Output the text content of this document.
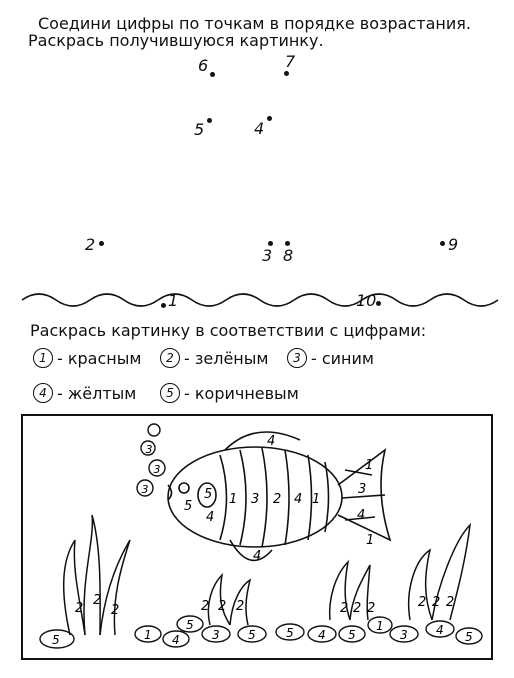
Соедини цифры по точкам в порядке возрастания.
Раскрась получившуюся картинку.
1
2
3
4
5
6	7
8
9
10
Раскрась картинку в соответствии с цифрами:
1 - красным	2 - зелёным	3 - синим
4 - жёлтым	5 - коричневым
3
3
3
5
5
4
1 3 2 4 1
4
1
3
4
1
4
2
2
2	2 2 2	2 2 2	2 2 2
5	1 4
5
3 5	5 4 5
1
3 4 5
